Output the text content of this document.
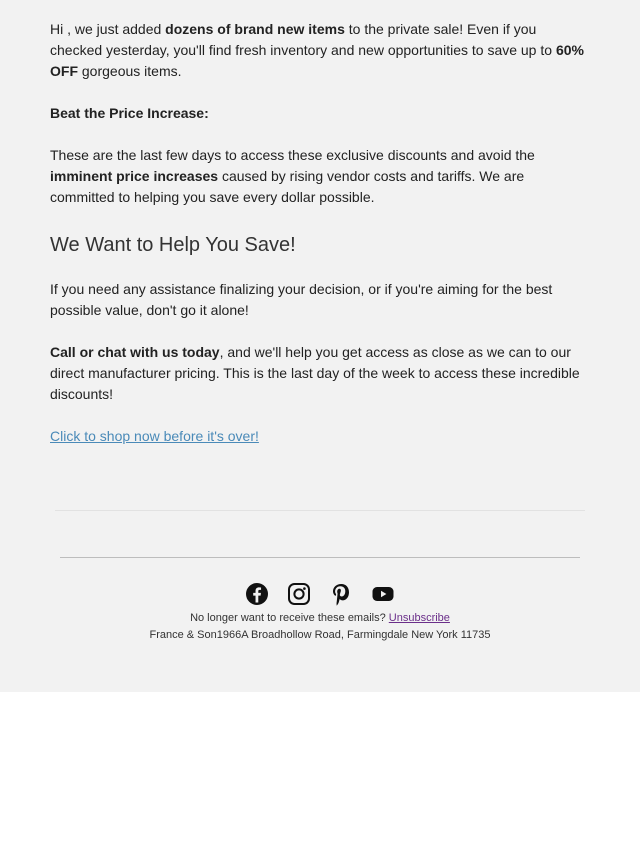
Hi , we just added dozens of brand new items to the private sale! Even if you checked yesterday, you'll find fresh inventory and new opportunities to save up to 60% OFF gorgeous items.

Beat the Price Increase:

These are the last few days to access these exclusive discounts and avoid the imminent price increases caused by rising vendor costs and tariffs. We are committed to helping you save every dollar possible.

We Want to Help You Save!

If you need any assistance finalizing your decision, or if you're aiming for the best possible value, don't go it alone!

Call or chat with us today, and we'll help you get access as close as we can to our direct manufacturer pricing. This is the last day of the week to access these incredible discounts!

Click to shop now before it's over!

No longer want to receive these emails? Unsubscribe
France & Son1966A Broadhollow Road, Farmingdale New York 11735
